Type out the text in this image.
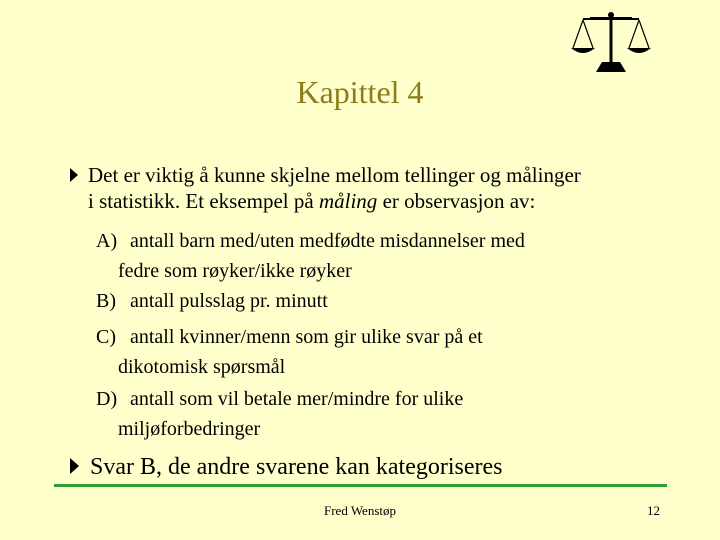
Kapittel 4
Det er viktig å kunne skjelne mellom tellinger og målinger
i statistikk. Et eksempel på måling er observasjon av:
A) antall barn med/uten medfødte misdannelser med
fedre som røyker/ikke røyker
B) antall pulsslag pr. minutt
C) antall kvinner/menn som gir ulike svar på et
dikotomisk spørsmål
D) antall som vil betale mer/mindre for ulike
miljøforbedringer
Svar B, de andre svarene kan kategoriseres
Fred Wenstøp	12
